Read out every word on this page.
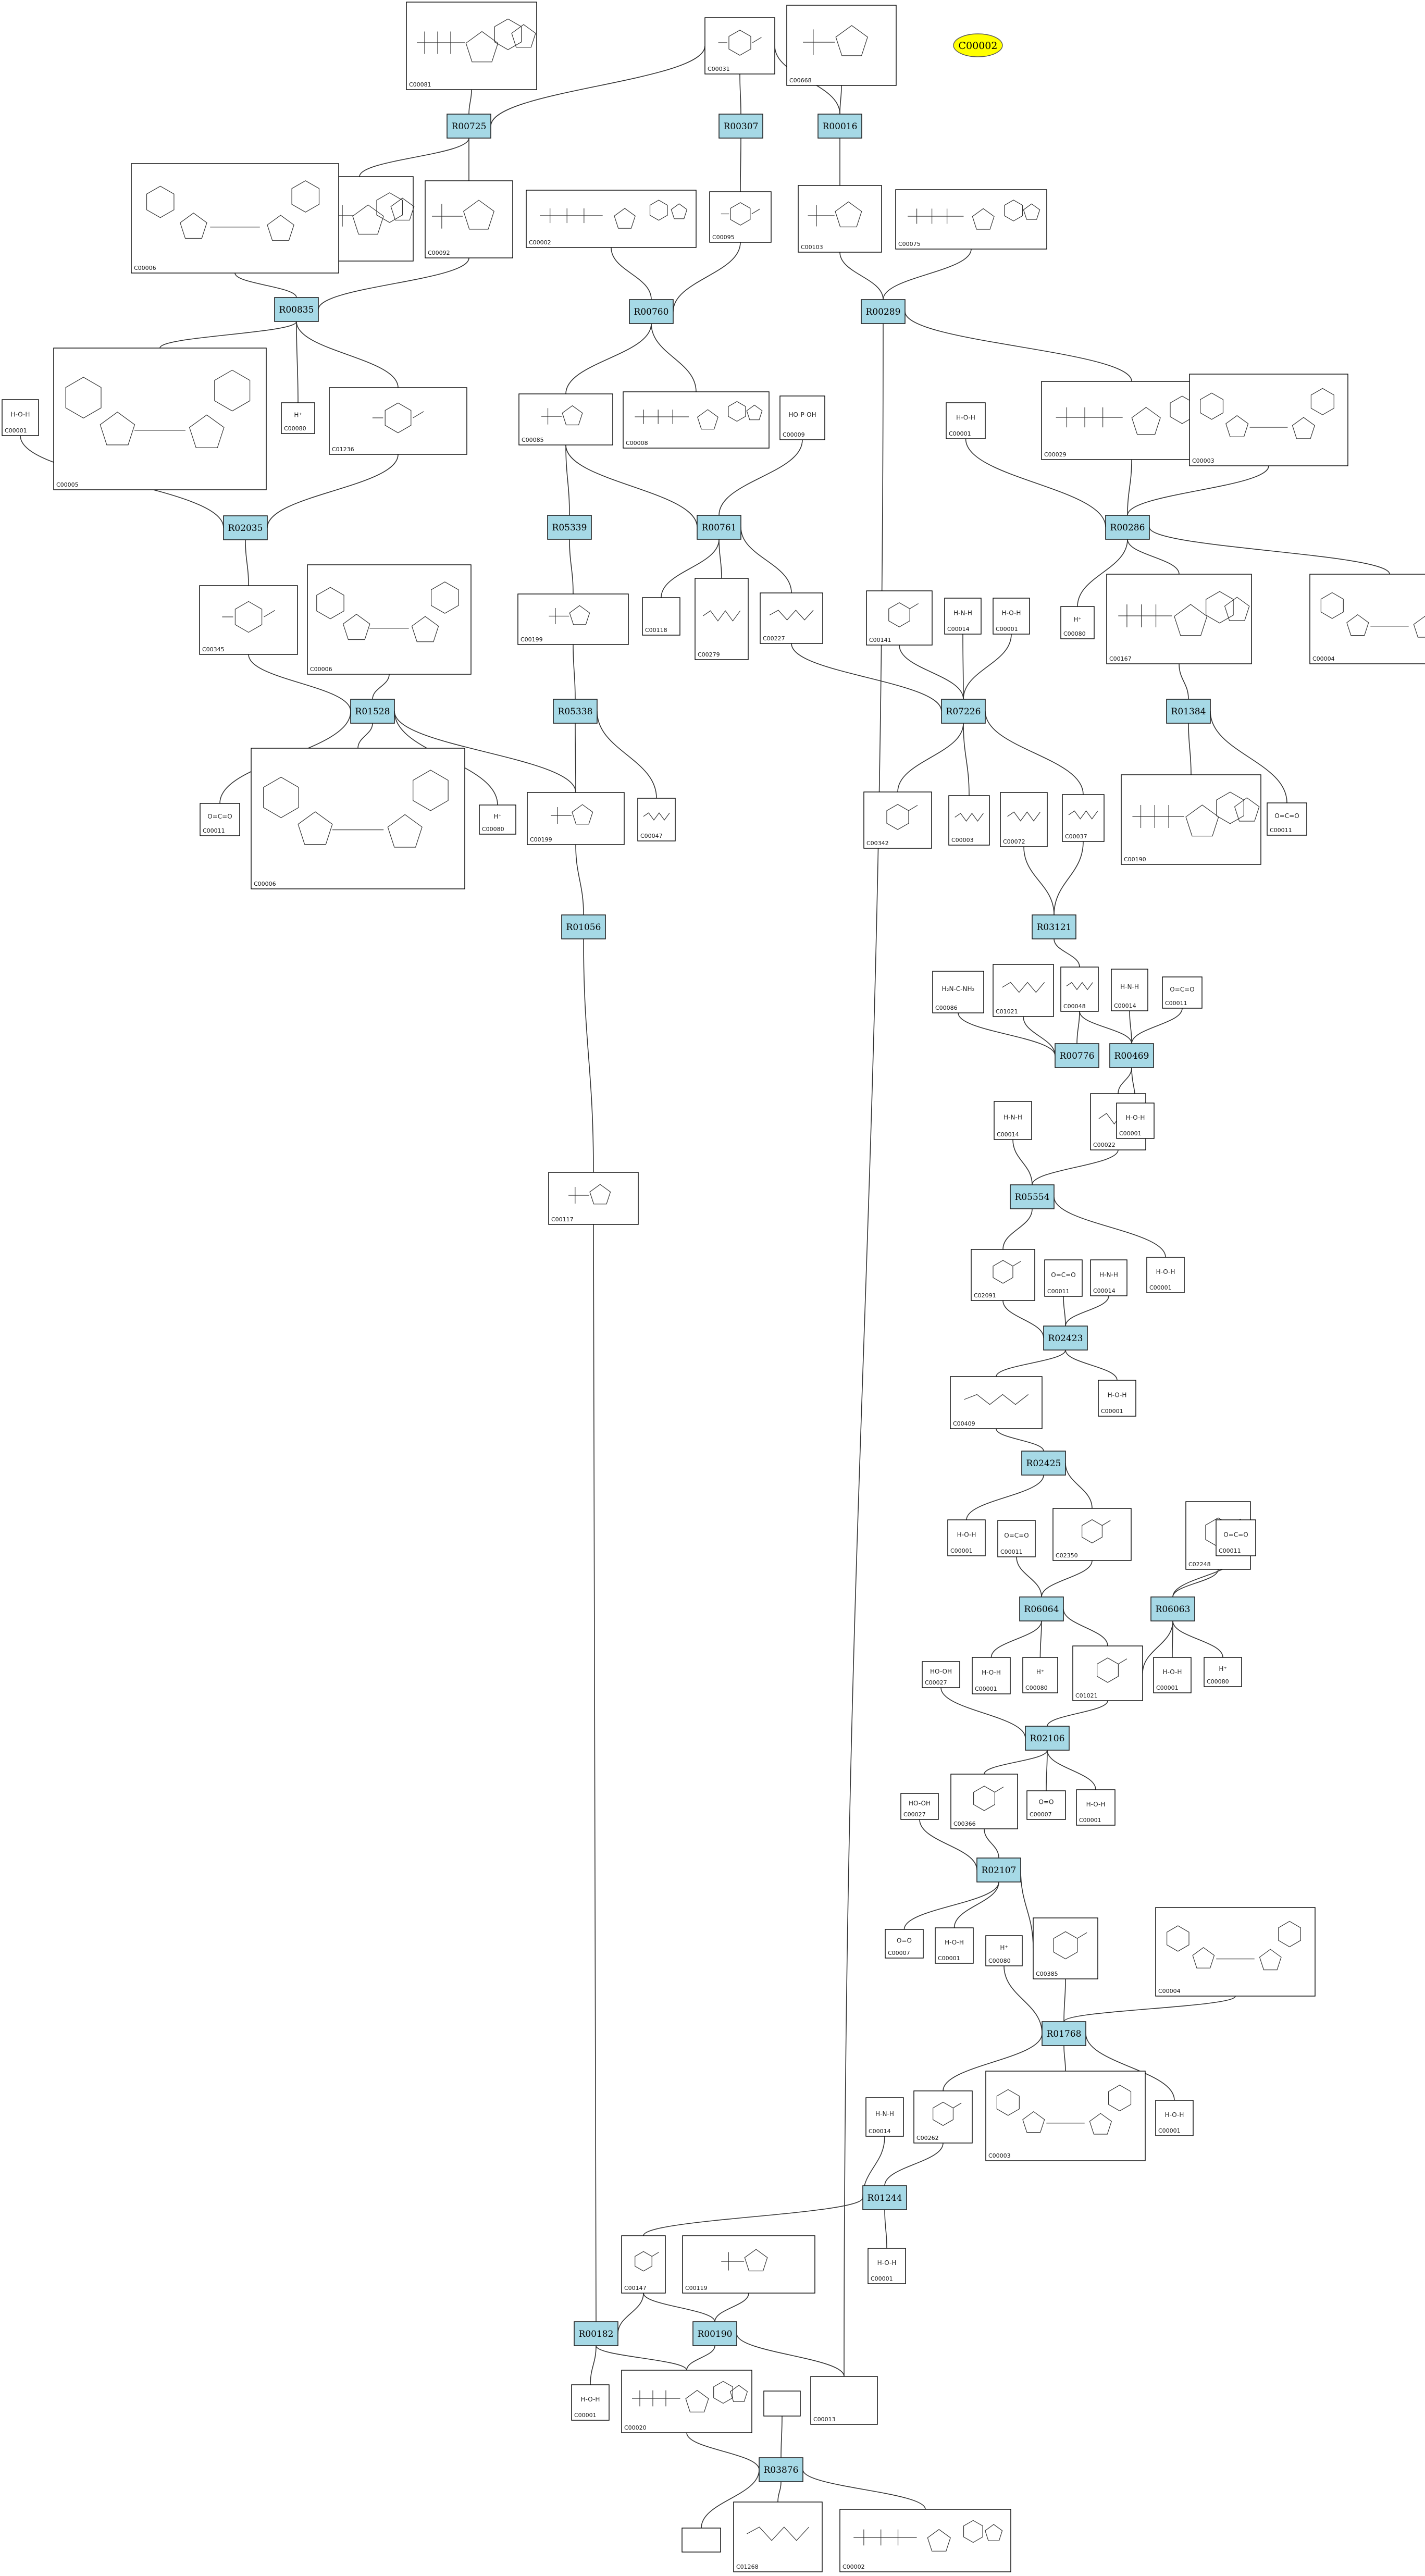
C00081
C00031
C00668
C00092
C00006
C00002
C00095
C00103	C00075
C00005
H-O-H
C00001
H⁺
C00080
C01236
C00085	C00008
HO-P-OH
C00009
H-O-H
C00001
C00029
C00003
C00345
C00006
C00199
C00279
C00118
C00227	C00141
H-N-H
C00014
H-O-H
C00001
H⁺
C00080
C00167	C00004
O=C=O
C00011
C00006
H⁺
C00080
C00199
C00047
C00342	C00003	C00072
C00037
C00190
O=C=O
C00011
H₂N-C-NH₂
C00086
C01021
C00048
H-N-H
C00014
O=C=O
C00011
C00117
H-N-H
C00014
C00022
H-O-H
C00001
C02091
O=C=O
C00011
H-N-H
C00014
H-O-H
C00001
C00409
H-O-H
C00001
H-O-H
C00001
O=C=O
C00011
C02350
C02248
O=C=O
C00011
HO-OH
C00027
H-O-H
C00001
H⁺
C00080
C01021
H-O-H
C00001
H⁺
C00080
HO-OH
C00027
C00366
O=O
C00007
H-O-H
C00001
O=O
C00007
H-O-H
C00001
H⁺
C00080
C00385
C00004
H-N-H
C00014
C00262
C00003
H-O-H
C00001
H-O-H
C00001
C00147	C00119
H-O-H
C00001
C00020
C00013
C01268	C00002
R00725	R00307	R00016
R00835	R00760	R00289
R02035	R05339	R00761	R00286
R01528	R05338	R07226	R01384
R01056	R03121
R00776 R00469
R05554
R02423
R02425
R06064	R06063
R02106
R02107
R01768
R01244
R00182	R00190
R03876
C00002
